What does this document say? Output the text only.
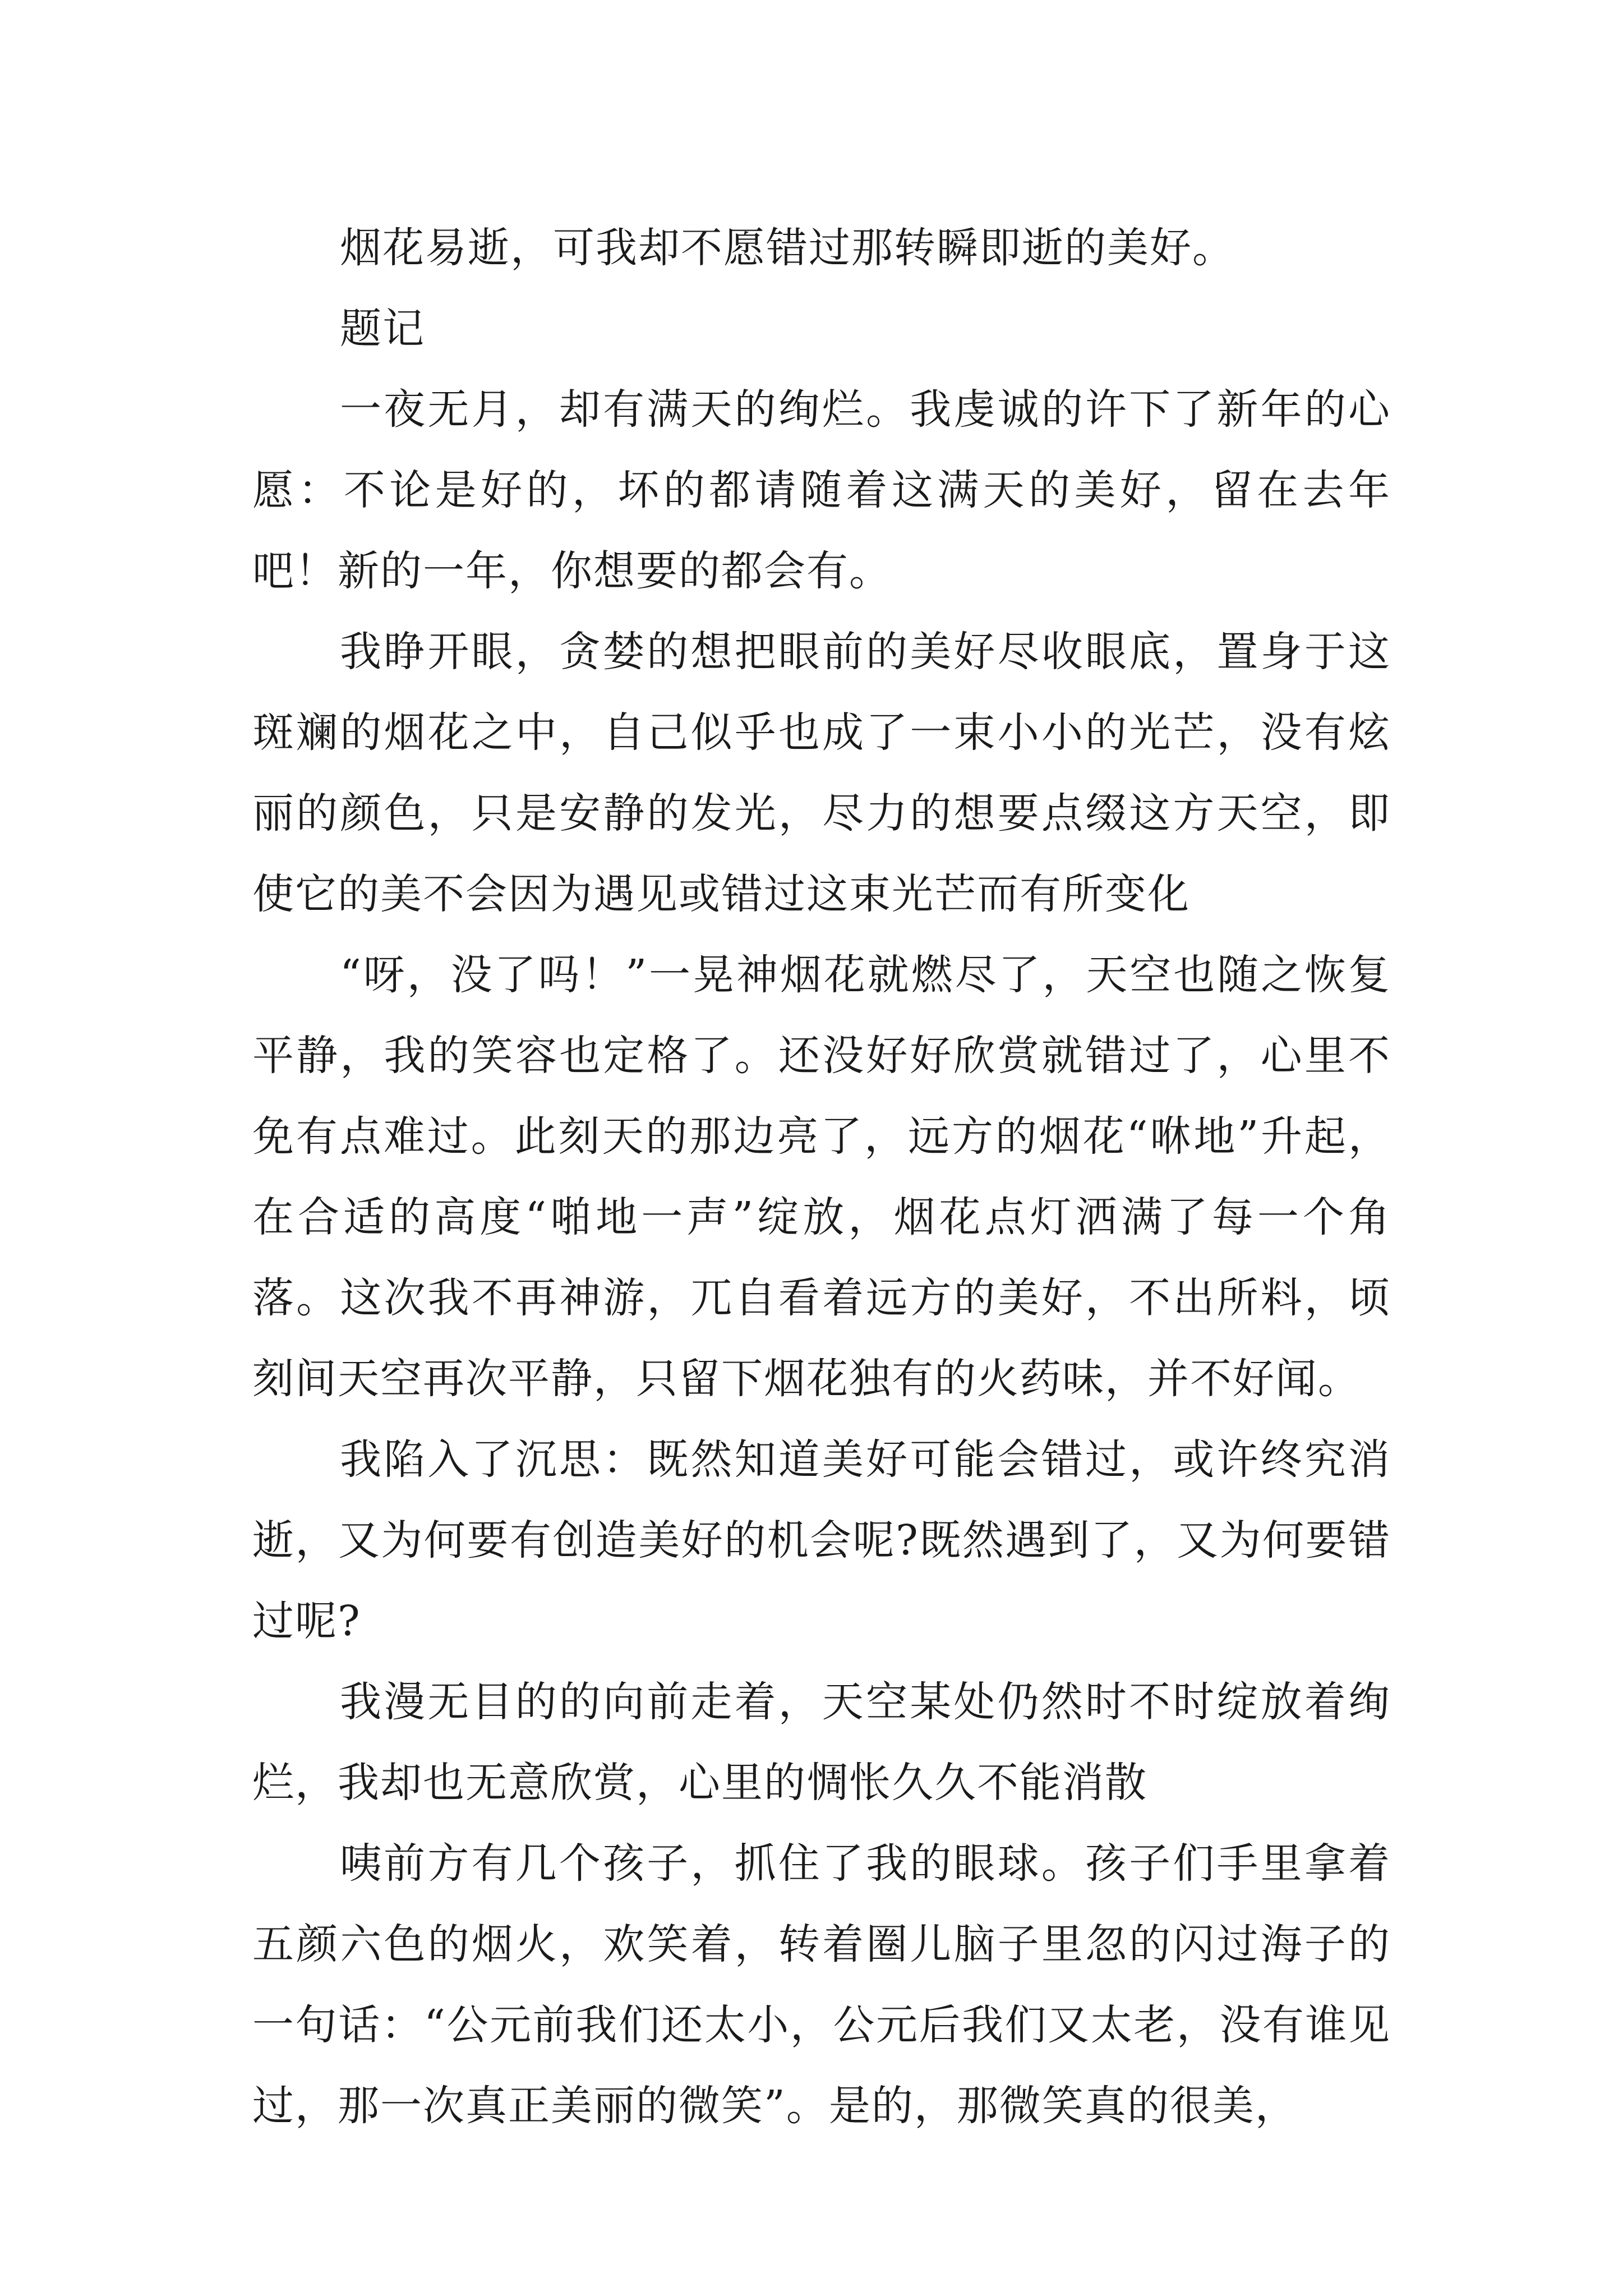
烟花易逝，可我却不愿错过那转瞬即逝的美好。

题记

一夜无月，却有满天的绚烂。我虔诚的许下了新年的心愿：不论是好的，坏的都请随着这满天的美好，留在去年吧！新的一年，你想要的都会有。

我睁开眼，贪婪的想把眼前的美好尽收眼底，置身于这斑斓的烟花之中，自己似乎也成了一束小小的光芒，没有炫丽的颜色，只是安静的发光，尽力的想要点缀这方天空，即使它的美不会因为遇见或错过这束光芒而有所变化

“呀，没了吗！”一晃神烟花就燃尽了，天空也随之恢复平静，我的笑容也定格了。还没好好欣赏就错过了，心里不免有点难过。此刻天的那边亮了，远方的烟花“咻地”升起，在合适的高度“啪地一声”绽放，烟花点灯洒满了每一个角落。这次我不再神游，兀自看着远方的美好，不出所料，顷刻间天空再次平静，只留下烟花独有的火药味，并不好闻。

我陷入了沉思：既然知道美好可能会错过，或许终究消逝，又为何要有创造美好的机会呢?既然遇到了，又为何要错过呢?

我漫无目的的向前走着，天空某处仍然时不时绽放着绚烂，我却也无意欣赏，心里的惆怅久久不能消散

咦前方有几个孩子，抓住了我的眼球。孩子们手里拿着五颜六色的烟火，欢笑着，转着圈儿脑子里忽的闪过海子的一句话：“公元前我们还太小，公元后我们又太老，没有谁见过，那一次真正美丽的微笑”。是的，那微笑真的很美，
